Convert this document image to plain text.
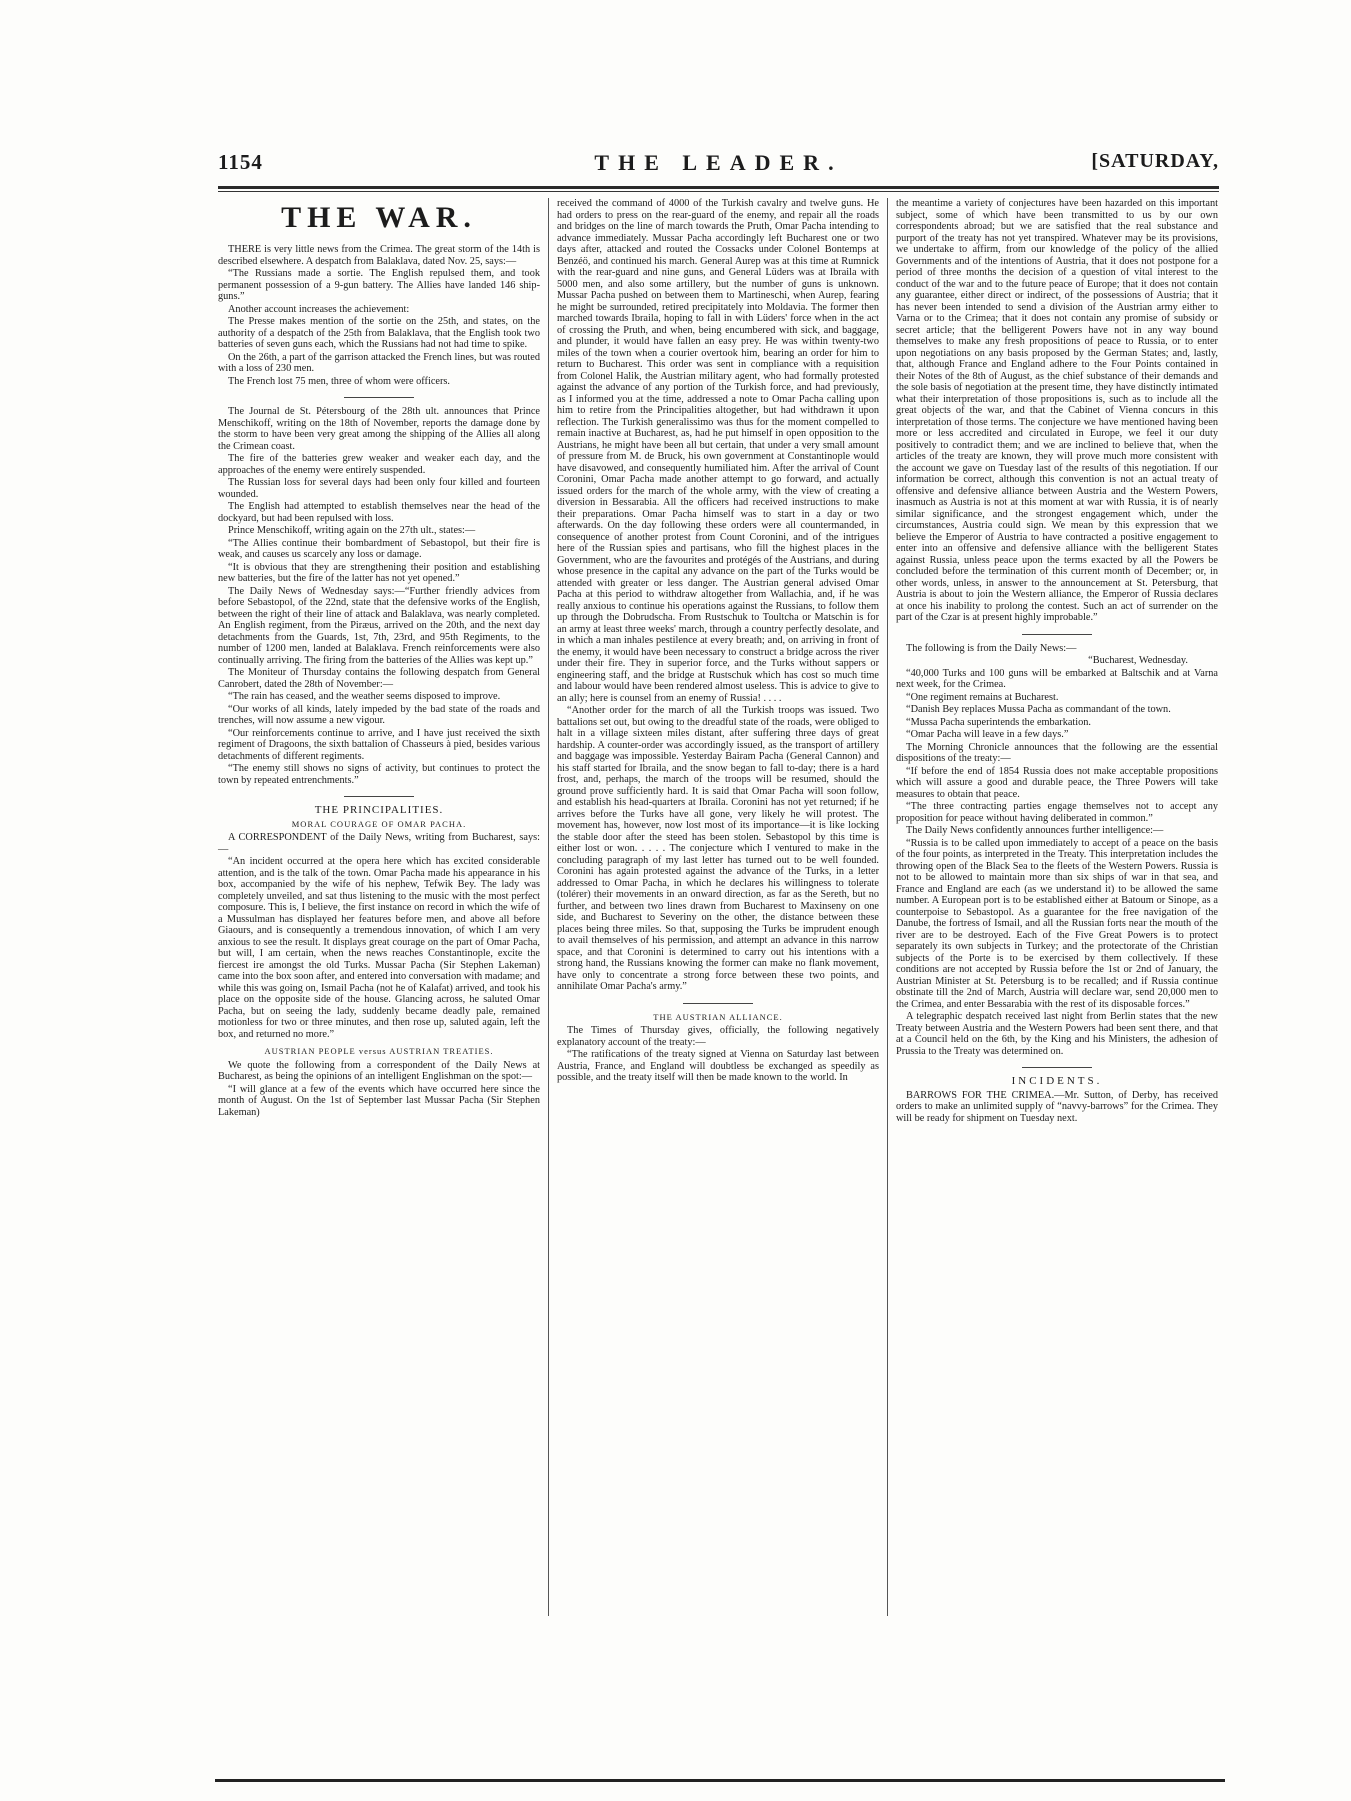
1154	THE LEADER.	[SATURDAY,
THE WAR.

THERE is very little news from the Crimea. The great storm of the 14th is described elsewhere. A despatch from Balaklava, dated Nov. 25, says:—

“The Russians made a sortie. The English repulsed them, and took permanent possession of a 9-gun battery. The Allies have landed 146 ship-guns.”

Another account increases the achievement:

The Presse makes mention of the sortie on the 25th, and states, on the authority of a despatch of the 25th from Balaklava, that the English took two batteries of seven guns each, which the Russians had not had time to spike.

On the 26th, a part of the garrison attacked the French lines, but was routed with a loss of 230 men.

The French lost 75 men, three of whom were officers.

The Journal de St. Pétersbourg of the 28th ult. announces that Prince Menschikoff, writing on the 18th of November, reports the damage done by the storm to have been very great among the shipping of the Allies all along the Crimean coast.

The fire of the batteries grew weaker and weaker each day, and the approaches of the enemy were entirely suspended.

The Russian loss for several days had been only four killed and fourteen wounded.

The English had attempted to establish themselves near the head of the dockyard, but had been repulsed with loss.

Prince Menschikoff, writing again on the 27th ult., states:—

“The Allies continue their bombardment of Sebastopol, but their fire is weak, and causes us scarcely any loss or damage.

“It is obvious that they are strengthening their position and establishing new batteries, but the fire of the latter has not yet opened.”

The Daily News of Wednesday says:—“Further friendly advices from before Sebastopol, of the 22nd, state that the defensive works of the English, between the right of their line of attack and Balaklava, was nearly completed. An English regiment, from the Piræus, arrived on the 20th, and the next day detachments from the Guards, 1st, 7th, 23rd, and 95th Regiments, to the number of 1200 men, landed at Balaklava. French reinforcements were also continually arriving. The firing from the batteries of the Allies was kept up.”

The Moniteur of Thursday contains the following despatch from General Canrobert, dated the 28th of November:—

“The rain has ceased, and the weather seems disposed to improve.

“Our works of all kinds, lately impeded by the bad state of the roads and trenches, will now assume a new vigour.

“Our reinforcements continue to arrive, and I have just received the sixth regiment of Dragoons, the sixth battalion of Chasseurs à pied, besides various detachments of different regiments.

“The enemy still shows no signs of activity, but continues to protect the town by repeated entrenchments.”

THE PRINCIPALITIES.
MORAL COURAGE OF OMAR PACHA.

A CORRESPONDENT of the Daily News, writing from Bucharest, says:—

“An incident occurred at the opera here which has excited considerable attention, and is the talk of the town. Omar Pacha made his appearance in his box, accompanied by the wife of his nephew, Tefwik Bey. The lady was completely unveiled, and sat thus listening to the music with the most perfect composure. This is, I believe, the first instance on record in which the wife of a Mussulman has displayed her features before men, and above all before Giaours, and is consequently a tremendous innovation, of which I am very anxious to see the result. It displays great courage on the part of Omar Pacha, but will, I am certain, when the news reaches Constantinople, excite the fiercest ire amongst the old Turks. Mussar Pacha (Sir Stephen Lakeman) came into the box soon after, and entered into conversation with madame; and while this was going on, Ismail Pacha (not he of Kalafat) arrived, and took his place on the opposite side of the house. Glancing across, he saluted Omar Pacha, but on seeing the lady, suddenly became deadly pale, remained motionless for two or three minutes, and then rose up, saluted again, left the box, and returned no more.”

AUSTRIAN PEOPLE versus AUSTRIAN TREATIES.

We quote the following from a correspondent of the Daily News at Bucharest, as being the opinions of an intelligent Englishman on the spot:—

“I will glance at a few of the events which have occurred here since the month of August. On the 1st of September last Mussar Pacha (Sir Stephen Lakeman)

received the command of 4000 of the Turkish cavalry and twelve guns. He had orders to press on the rear-guard of the enemy, and repair all the roads and bridges on the line of march towards the Pruth, Omar Pacha intending to advance immediately. Mussar Pacha accordingly left Bucharest one or two days after, attacked and routed the Cossacks under Colonel Bontemps at Benzéö, and continued his march. General Aurep was at this time at Rumnick with the rear-guard and nine guns, and General Lüders was at Ibraila with 5000 men, and also some artillery, but the number of guns is unknown. Mussar Pacha pushed on between them to Martineschi, when Aurep, fearing he might be surrounded, retired precipitately into Moldavia. The former then marched towards Ibraila, hoping to fall in with Lüders' force when in the act of crossing the Pruth, and when, being encumbered with sick, and baggage, and plunder, it would have fallen an easy prey. He was within twenty-two miles of the town when a courier overtook him, bearing an order for him to return to Bucharest. This order was sent in compliance with a requisition from Colonel Halik, the Austrian military agent, who had formally protested against the advance of any portion of the Turkish force, and had previously, as I informed you at the time, addressed a note to Omar Pacha calling upon him to retire from the Principalities altogether, but had withdrawn it upon reflection. The Turkish generalissimo was thus for the moment compelled to remain inactive at Bucharest, as, had he put himself in open opposition to the Austrians, he might have been all but certain, that under a very small amount of pressure from M. de Bruck, his own government at Constantinople would have disavowed, and consequently humiliated him. After the arrival of Count Coronini, Omar Pacha made another attempt to go forward, and actually issued orders for the march of the whole army, with the view of creating a diversion in Bessarabia. All the officers had received instructions to make their preparations. Omar Pacha himself was to start in a day or two afterwards. On the day following these orders were all countermanded, in consequence of another protest from Count Coronini, and of the intrigues here of the Russian spies and partisans, who fill the highest places in the Government, who are the favourites and protégés of the Austrians, and during whose presence in the capital any advance on the part of the Turks would be attended with greater or less danger. The Austrian general advised Omar Pacha at this period to withdraw altogether from Wallachia, and, if he was really anxious to continue his operations against the Russians, to follow them up through the Dobrudscha. From Rustschuk to Toultcha or Matschin is for an army at least three weeks' march, through a country perfectly desolate, and in which a man inhales pestilence at every breath; and, on arriving in front of the enemy, it would have been necessary to construct a bridge across the river under their fire. They in superior force, and the Turks without sappers or engineering staff, and the bridge at Rustschuk which has cost so much time and labour would have been rendered almost useless. This is advice to give to an ally; here is counsel from an enemy of Russia! . . . .

“Another order for the march of all the Turkish troops was issued. Two battalions set out, but owing to the dreadful state of the roads, were obliged to halt in a village sixteen miles distant, after suffering three days of great hardship. A counter-order was accordingly issued, as the transport of artillery and baggage was impossible. Yesterday Bairam Pacha (General Cannon) and his staff started for Ibraila, and the snow began to fall to-day; there is a hard frost, and, perhaps, the march of the troops will be resumed, should the ground prove sufficiently hard. It is said that Omar Pacha will soon follow, and establish his head-quarters at Ibraila. Coronini has not yet returned; if he arrives before the Turks have all gone, very likely he will protest. The movement has, however, now lost most of its importance—it is like locking the stable door after the steed has been stolen. Sebastopol by this time is either lost or won. . . . . The conjecture which I ventured to make in the concluding paragraph of my last letter has turned out to be well founded. Coronini has again protested against the advance of the Turks, in a letter addressed to Omar Pacha, in which he declares his willingness to tolerate (tolérer) their movements in an onward direction, as far as the Sereth, but no further, and between two lines drawn from Bucharest to Maxinseny on one side, and Bucharest to Severiny on the other, the distance between these places being three miles. So that, supposing the Turks be imprudent enough to avail themselves of his permission, and attempt an advance in this narrow space, and that Coronini is determined to carry out his intentions with a strong hand, the Russians knowing the former can make no flank movement, have only to concentrate a strong force between these two points, and annihilate Omar Pacha's army.”

THE AUSTRIAN ALLIANCE.

The Times of Thursday gives, officially, the following negatively explanatory account of the treaty:—

“The ratifications of the treaty signed at Vienna on Saturday last between Austria, France, and England will doubtless be exchanged as speedily as possible, and the treaty itself will then be made known to the world. In

the meantime a variety of conjectures have been hazarded on this important subject, some of which have been transmitted to us by our own correspondents abroad; but we are satisfied that the real substance and purport of the treaty has not yet transpired. Whatever may be its provisions, we undertake to affirm, from our knowledge of the policy of the allied Governments and of the intentions of Austria, that it does not postpone for a period of three months the decision of a question of vital interest to the conduct of the war and to the future peace of Europe; that it does not contain any guarantee, either direct or indirect, of the possessions of Austria; that it has never been intended to send a division of the Austrian army either to Varna or to the Crimea; that it does not contain any promise of subsidy or secret article; that the belligerent Powers have not in any way bound themselves to make any fresh propositions of peace to Russia, or to enter upon negotiations on any basis proposed by the German States; and, lastly, that, although France and England adhere to the Four Points contained in their Notes of the 8th of August, as the chief substance of their demands and the sole basis of negotiation at the present time, they have distinctly intimated what their interpretation of those propositions is, such as to include all the great objects of the war, and that the Cabinet of Vienna concurs in this interpretation of those terms. The conjecture we have mentioned having been more or less accredited and circulated in Europe, we feel it our duty positively to contradict them; and we are inclined to believe that, when the articles of the treaty are known, they will prove much more consistent with the account we gave on Tuesday last of the results of this negotiation. If our information be correct, although this convention is not an actual treaty of offensive and defensive alliance between Austria and the Western Powers, inasmuch as Austria is not at this moment at war with Russia, it is of nearly similar significance, and the strongest engagement which, under the circumstances, Austria could sign. We mean by this expression that we believe the Emperor of Austria to have contracted a positive engagement to enter into an offensive and defensive alliance with the belligerent States against Russia, unless peace upon the terms exacted by all the Powers be concluded before the termination of this current month of December; or, in other words, unless, in answer to the announcement at St. Petersburg, that Austria is about to join the Western alliance, the Emperor of Russia declares at once his inability to prolong the contest. Such an act of surrender on the part of the Czar is at present highly improbable.”

The following is from the Daily News:—

“Bucharest, Wednesday.

“40,000 Turks and 100 guns will be embarked at Baltschik and at Varna next week, for the Crimea.

“One regiment remains at Bucharest.

“Danish Bey replaces Mussa Pacha as commandant of the town.

“Mussa Pacha superintends the embarkation.

“Omar Pacha will leave in a few days.”

The Morning Chronicle announces that the following are the essential dispositions of the treaty:—

“If before the end of 1854 Russia does not make acceptable propositions which will assure a good and durable peace, the Three Powers will take measures to obtain that peace.

“The three contracting parties engage themselves not to accept any proposition for peace without having deliberated in common.”

The Daily News confidently announces further intelligence:—

“Russia is to be called upon immediately to accept of a peace on the basis of the four points, as interpreted in the Treaty. This interpretation includes the throwing open of the Black Sea to the fleets of the Western Powers. Russia is not to be allowed to maintain more than six ships of war in that sea, and France and England are each (as we understand it) to be allowed the same number. A European port is to be established either at Batoum or Sinope, as a counterpoise to Sebastopol. As a guarantee for the free navigation of the Danube, the fortress of Ismail, and all the Russian forts near the mouth of the river are to be destroyed. Each of the Five Great Powers is to protect separately its own subjects in Turkey; and the protectorate of the Christian subjects of the Porte is to be exercised by them collectively. If these conditions are not accepted by Russia before the 1st or 2nd of January, the Austrian Minister at St. Petersburg is to be recalled; and if Russia continue obstinate till the 2nd of March, Austria will declare war, send 20,000 men to the Crimea, and enter Bessarabia with the rest of its disposable forces.”

A telegraphic despatch received last night from Berlin states that the new Treaty between Austria and the Western Powers had been sent there, and that at a Council held on the 6th, by the King and his Ministers, the adhesion of Prussia to the Treaty was determined on.

INCIDENTS.

BARROWS FOR THE CRIMEA.—Mr. Sutton, of Derby, has received orders to make an unlimited supply of “navvy-barrows” for the Crimea. They will be ready for shipment on Tuesday next.
